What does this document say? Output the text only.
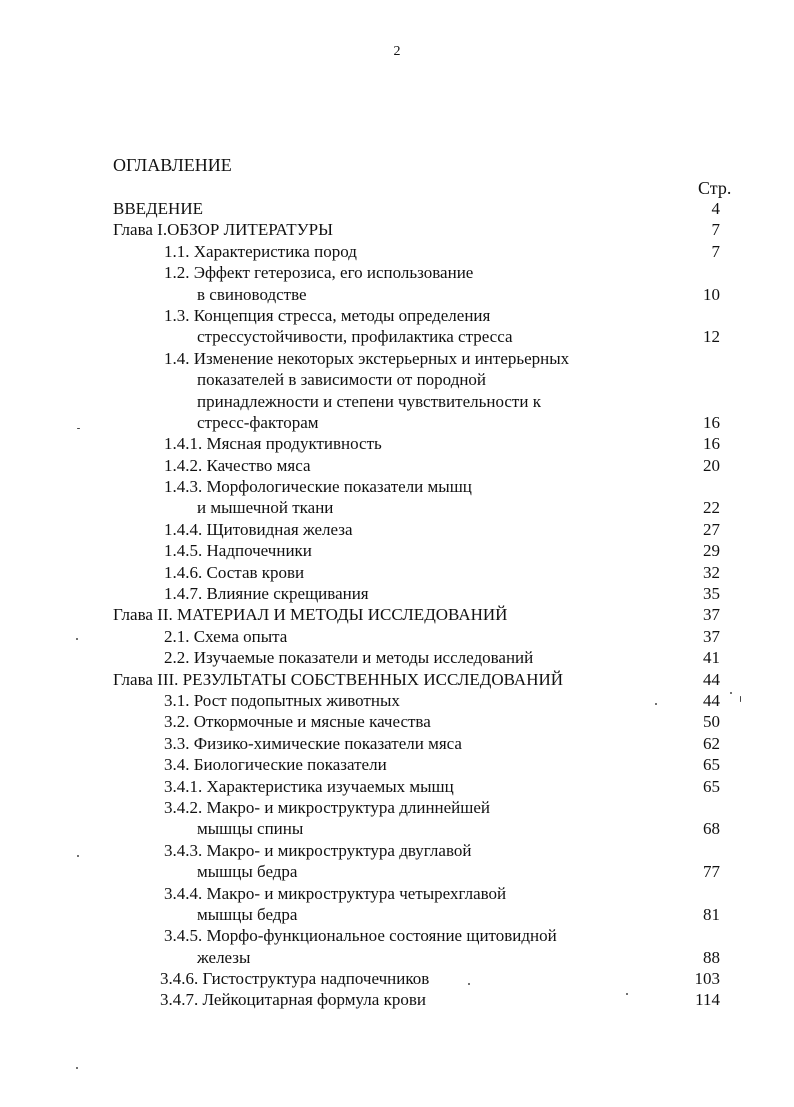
2
ОГЛАВЛЕНИЕ
Стр.
ВВЕДЕНИЕ	4
Глава I.ОБЗОР ЛИТЕРАТУРЫ	7
1.1. Характеристика пород	7
1.2. Эффект гетерозиса, его использование
в свиноводстве	10
1.3. Концепция стресса, методы определения
стрессустойчивости, профилактика стресса	12
1.4. Изменение некоторых экстерьерных и интерьерных
показателей в зависимости от породной
принадлежности и степени чувствительности к
стресс-факторам	16
1.4.1. Мясная продуктивность	16
1.4.2. Качество мяса	20
1.4.3. Морфологические показатели мышц
и мышечной ткани	22
1.4.4. Щитовидная железа	27
1.4.5. Надпочечники	29
1.4.6. Состав крови	32
1.4.7. Влияние скрещивания	35
Глава II. МАТЕРИАЛ И МЕТОДЫ ИССЛЕДОВАНИЙ	37
2.1. Схема опыта	37
2.2. Изучаемые показатели и методы исследований	41
Глава III. РЕЗУЛЬТАТЫ СОБСТВЕННЫХ ИССЛЕДОВАНИЙ	44
3.1. Рост подопытных животных	44
3.2. Откормочные и мясные качества	50
3.3. Физико-химические показатели мяса	62
3.4. Биологические показатели	65
3.4.1. Характеристика изучаемых мышц	65
3.4.2. Макро- и микроструктура длиннейшей
мышцы спины	68
3.4.3. Макро- и микроструктура двуглавой
мышцы бедра	77
3.4.4. Макро- и микроструктура четырехглавой
мышцы бедра	81
3.4.5. Морфо-функциональное состояние щитовидной
железы	88
3.4.6. Гистоструктура надпочечников	103
3.4.7. Лейкоцитарная формула крови	114
